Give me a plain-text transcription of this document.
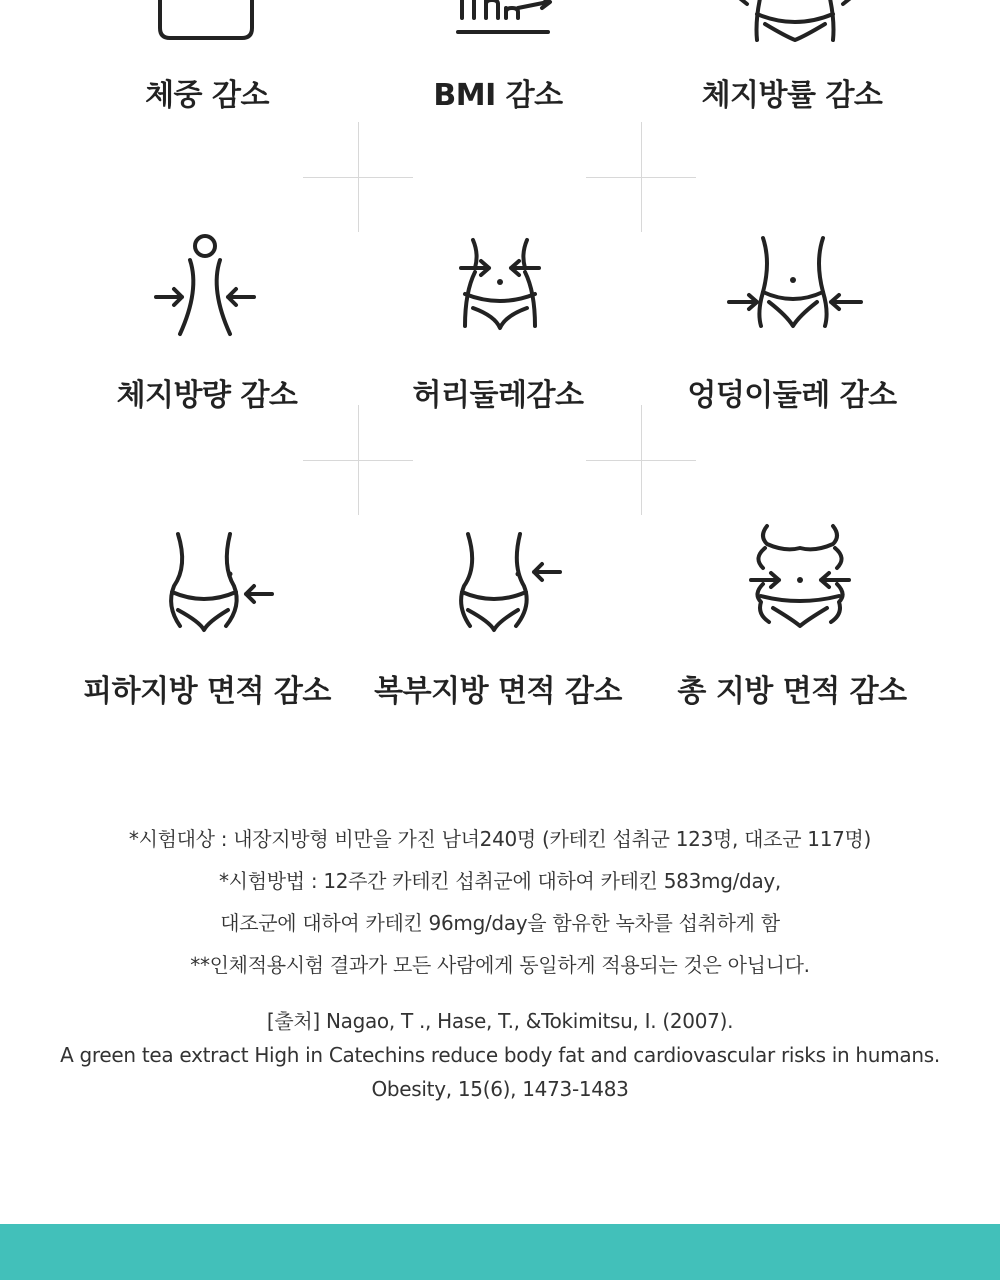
체중 감소	BMI 감소	체지방률 감소
체지방량 감소	허리둘레감소	엉덩이둘레 감소
피하지방 면적 감소	복부지방 면적 감소	총 지방 면적 감소

*시험대상 : 내장지방형 비만을 가진 남녀240명 (카테킨 섭취군 123명, 대조군 117명)

*시험방법 : 12주간 카테킨 섭취군에 대하여 카테킨 583mg/day,

대조군에 대하여 카테킨 96mg/day을 함유한 녹차를 섭취하게 함

**인체적용시험 결과가 모든 사람에게 동일하게 적용되는 것은 아닙니다.

[출처] Nagao, T ., Hase, T., &Tokimitsu, I. (2007).

A green tea extract High in Catechins reduce body fat and cardiovascular risks in humans.

Obesity, 15(6), 1473-1483
